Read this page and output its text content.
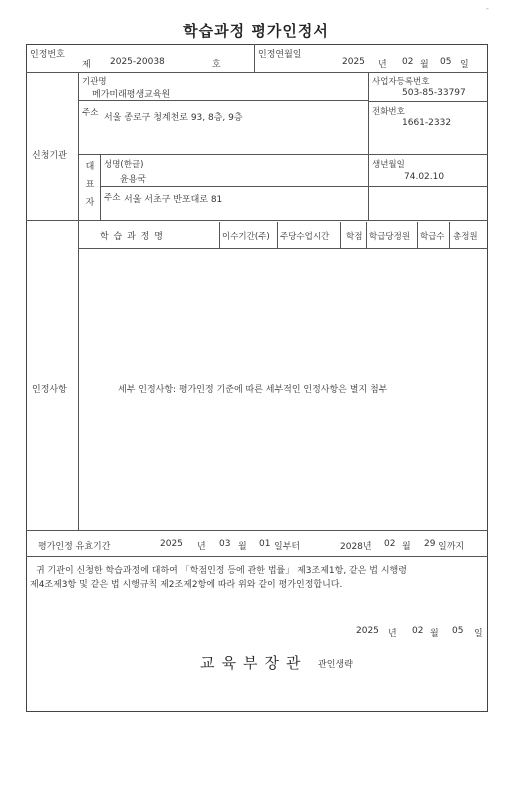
-
학습과정 평가인정서
인정번호
제 2025-20038	호
인정연월일
2025 년 02 월 05 일
신청기관
기관명
메가미래평생교육원
사업자등록번호
503-85-33797
주소 서울 종로구 청계천로 93, 8층, 9층
전화번호
1661-2332
대
표
자
성명(한글)
윤용국
생년월일
74.02.10
주소 서울 서초구 반포대로 81
인정사항
학 습 과 정 명	이수기간(주) 주당수업시간 학점 학급당정원 학급수 총정원
세부 인정사항: 평가인정 기준에 따른 세부적인 인정사항은 별지 첨부
평가인정 유효기간	2025 년 03 월 01 일부터	2028년 02 월 29 일까지
귀 기관이 신청한 학습과정에 대하여 「학점인정 등에 관한 법률」 제3조제1항, 같은 법 시행령
제4조제3항 및 같은 법 시행규칙 제2조제2항에 따라 위와 같이 평가인정합니다.
2025 년 02 월 05 일
교육부장관 관인생략
